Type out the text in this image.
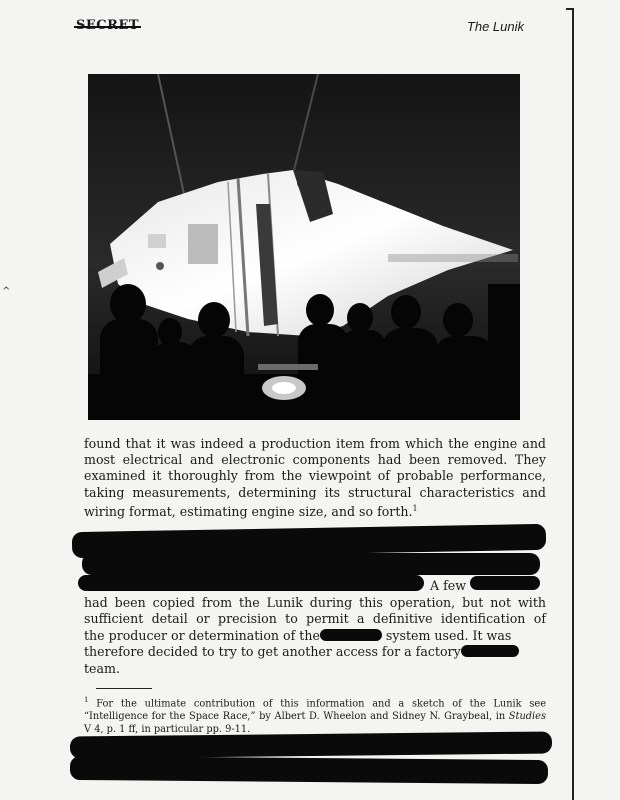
^
The Lunik

found that it was indeed a production item from which the engine and most electrical and electronic components had been removed. They examined it thoroughly from the viewpoint of probable performance, taking measurements, determining its structural characteristics and wiring format, estimating engine size, and so forth.$^1$

A few
had been copied from the Lunik during this operation, but not with
sufficient detail or precision to permit a definitive identification of
the producer or determination of the	system used. It was
therefore decided to try to get another access for a factory
team.
$^1$ For the ultimate contribution of this information and a sketch of the Lunik see “Intelligence for the Space Race,” by Albert D. Wheelon and Sidney N. Graybeal, in Studies V 4, p. 1 ff, in particular pp. 9-11.
